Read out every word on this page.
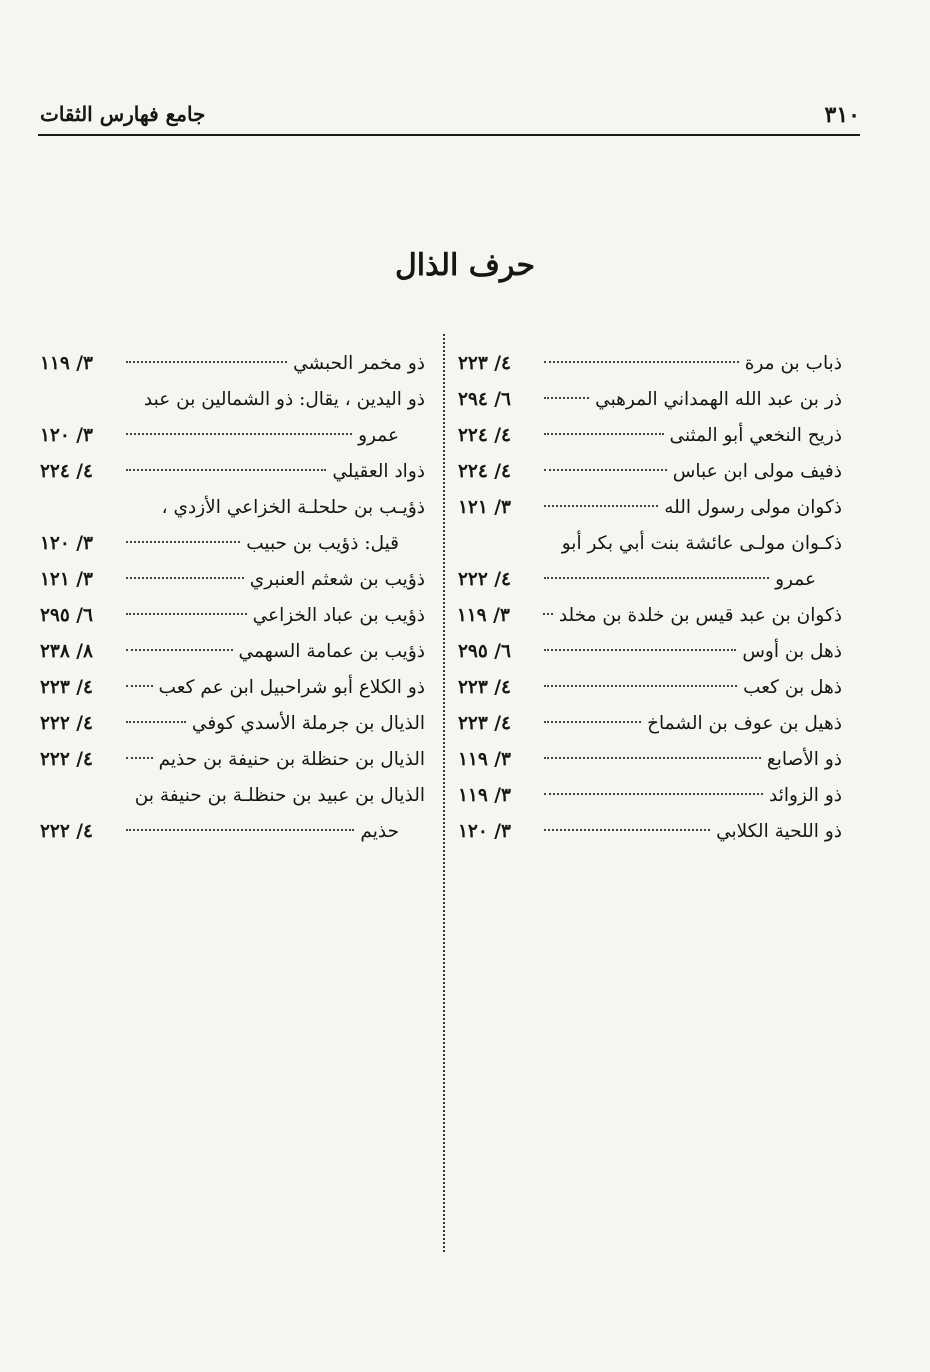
٣١٠
جامع فهارس الثقات
حرف الذال
ذباب بن مرة
٤/ ٢٢٣
ذر بن عبد الله الهمداني المرهبي
٦/ ٢٩٤
ذريح النخعي أبو المثنى
٤/ ٢٢٤
ذفيف مولى ابن عباس
٤/ ٢٢٤
ذكوان مولى رسول الله
٣/ ١٢١
ذكـوان مولـى عائشة بنت أبي بكر أبو
عمرو
٤/ ٢٢٢
ذكوان بن عبد قيس بن خلدة بن مخلد
٣/ ١١٩
ذهل بن أوس
٦/ ٢٩٥
ذهل بن كعب
٤/ ٢٢٣
ذهيل بن عوف بن الشماخ
٤/ ٢٢٣
ذو الأصابع
٣/ ١١٩
ذو الزوائد
٣/ ١١٩
ذو اللحية الكلابي
٣/ ١٢٠
ذو مخمر الحبشي
٣/ ١١٩
ذو اليدين ، يقال: ذو الشمالين بن عبد
عمرو
٣/ ١٢٠
ذواد العقيلي
٤/ ٢٢٤
ذؤيـب بن حلحلـة الخزاعي الأزدي ،
قيل: ذؤيب بن حبيب
٣/ ١٢٠
ذؤيب بن شعثم العنبري
٣/ ١٢١
ذؤيب بن عباد الخزاعي
٦/ ٢٩٥
ذؤيب بن عمامة السهمي
٨/ ٢٣٨
ذو الكلاع أبو شراحبيل ابن عم كعب
٤/ ٢٢٣
الذيال بن جرملة الأسدي كوفي
٤/ ٢٢٢
الذيال بن حنظلة بن حنيفة بن حذيم
٤/ ٢٢٢
الذيال بن عبيد بن حنظلـة بن حنيفة بن
حذيم
٤/ ٢٢٢
